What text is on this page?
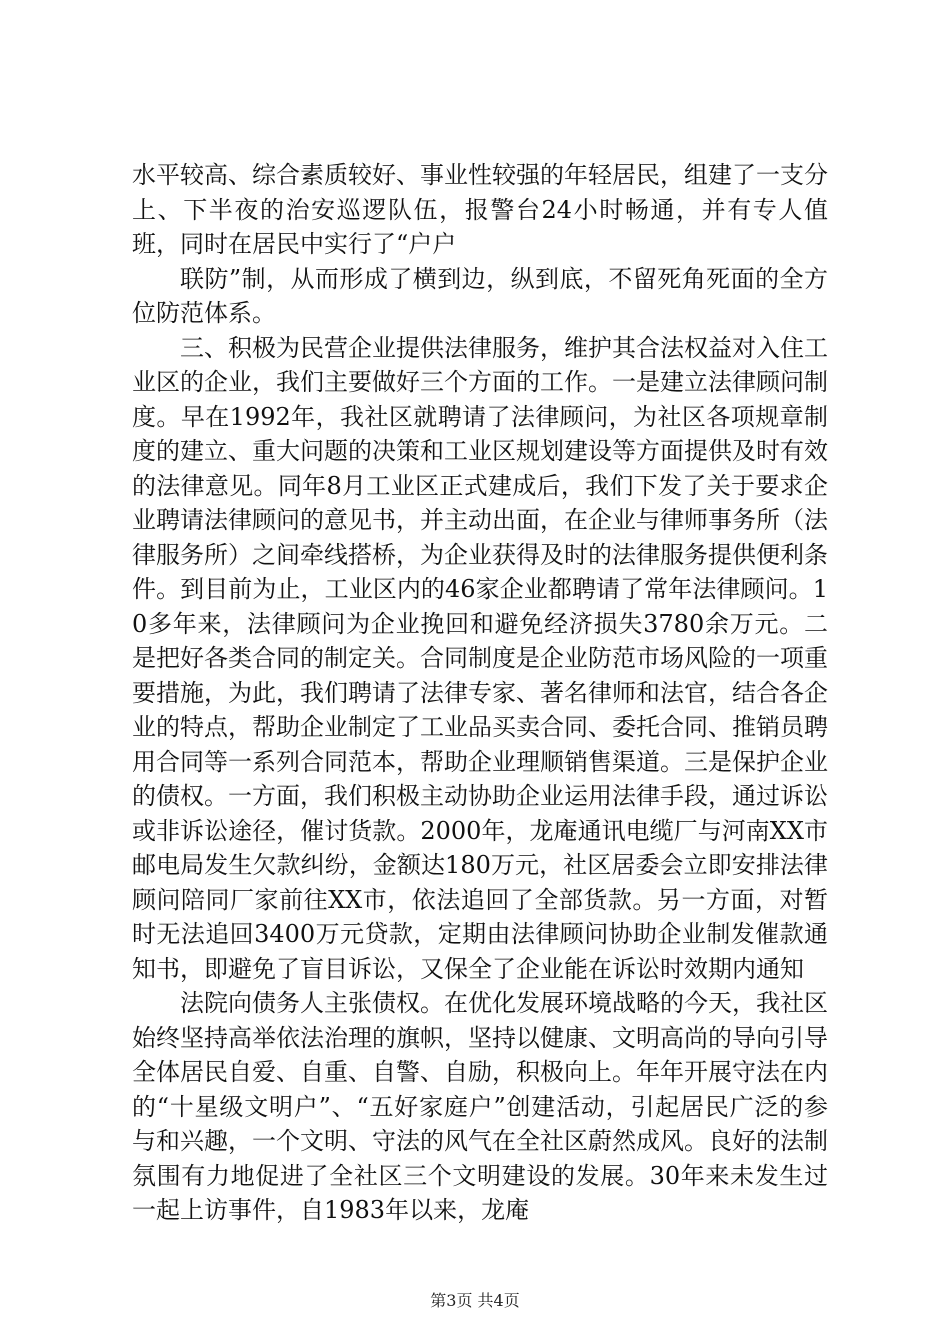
水平较高、综合素质较好、事业性较强的年轻居民，组建了一支分上、下半夜的治安巡逻队伍，报警台24小时畅通，并有专人值班，同时在居民中实行了“户户

联防”制，从而形成了横到边，纵到底，不留死角死面的全方位防范体系。

三、积极为民营企业提供法律服务，维护其合法权益对入住工业区的企业，我们主要做好三个方面的工作。一是建立法律顾问制度。早在1992年，我社区就聘请了法律顾问，为社区各项规章制度的建立、重大问题的决策和工业区规划建设等方面提供及时有效的法律意见。同年8月工业区正式建成后，我们下发了关于要求企业聘请法律顾问的意见书，并主动出面，在企业与律师事务所（法律服务所）之间牵线搭桥，为企业获得及时的法律服务提供便利条件。到目前为止，工业区内的46家企业都聘请了常年法律顾问。10多年来，法律顾问为企业挽回和避免经济损失3780余万元。二是把好各类合同的制定关。合同制度是企业防范市场风险的一项重要措施，为此，我们聘请了法律专家、著名律师和法官，结合各企业的特点，帮助企业制定了工业品买卖合同、委托合同、推销员聘用合同等一系列合同范本，帮助企业理顺销售渠道。三是保护企业的债权。一方面，我们积极主动协助企业运用法律手段，通过诉讼或非诉讼途径，催讨货款。2000年，龙庵通讯电缆厂与河南XX市邮电局发生欠款纠纷，金额达180万元，社区居委会立即安排法律顾问陪同厂家前往XX市，依法追回了全部货款。另一方面，对暂时无法追回3400万元贷款，定期由法律顾问协助企业制发催款通知书，即避免了盲目诉讼，又保全了企业能在诉讼时效期内通知

法院向债务人主张债权。在优化发展环境战略的今天，我社区始终坚持高举依法治理的旗帜，坚持以健康、文明高尚的导向引导全体居民自爱、自重、自警、自励，积极向上。年年开展守法在内的“十星级文明户”、“五好家庭户”创建活动，引起居民广泛的参与和兴趣，一个文明、守法的风气在全社区蔚然成风。良好的法制氛围有力地促进了全社区三个文明建设的发展。30年来未发生过一起上访事件，自1983年以来，龙庵

第3页 共4页
